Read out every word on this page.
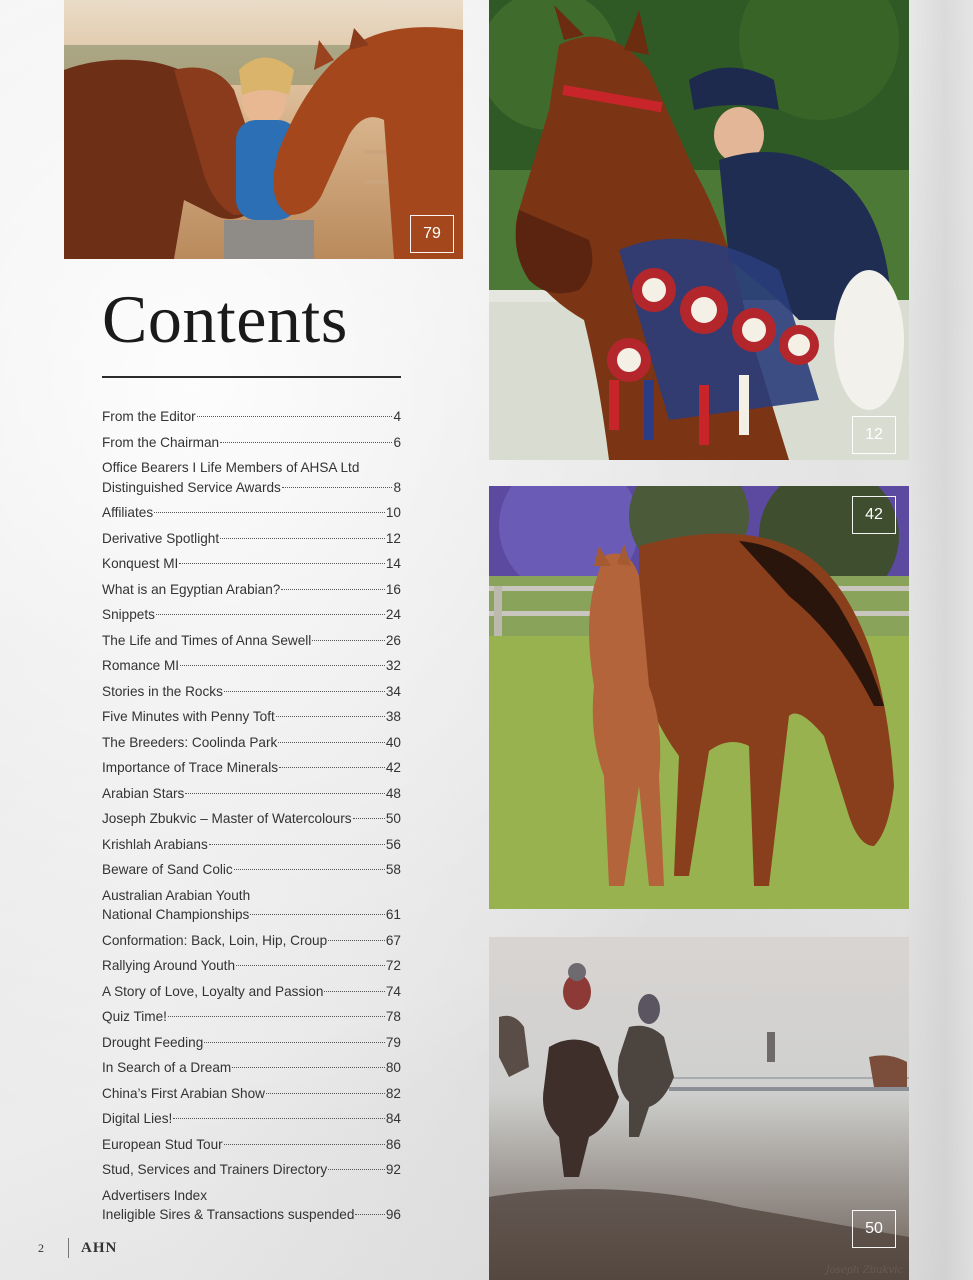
79
12
42
50
Joseph Zbukvic
Contents
From the Editor	4
From the Chairman	6
Office Bearers I Life Members of AHSA Ltd
Distinguished Service Awards	8
Affiliates	10
Derivative Spotlight	12
Konquest MI	14
What is an Egyptian Arabian?	16
Snippets	24
The Life and Times of Anna Sewell	26
Romance MI	32
Stories in the Rocks	34
Five Minutes with Penny Toft	38
The Breeders: Coolinda Park	40
Importance of Trace Minerals	42
Arabian Stars	48
Joseph Zbukvic – Master of Watercolours	50
Krishlah Arabians	56
Beware of Sand Colic	58
Australian Arabian Youth
National Championships	61
Conformation: Back, Loin, Hip, Croup	67
Rallying Around Youth	72
A Story of Love, Loyalty and Passion	74
Quiz Time!	78
Drought Feeding	79
In Search of a Dream	80
China’s First Arabian Show	82
Digital Lies!	84
European Stud Tour	86
Stud, Services and Trainers Directory	92
Advertisers Index
Ineligible Sires & Transactions suspended 96
2 AHN
